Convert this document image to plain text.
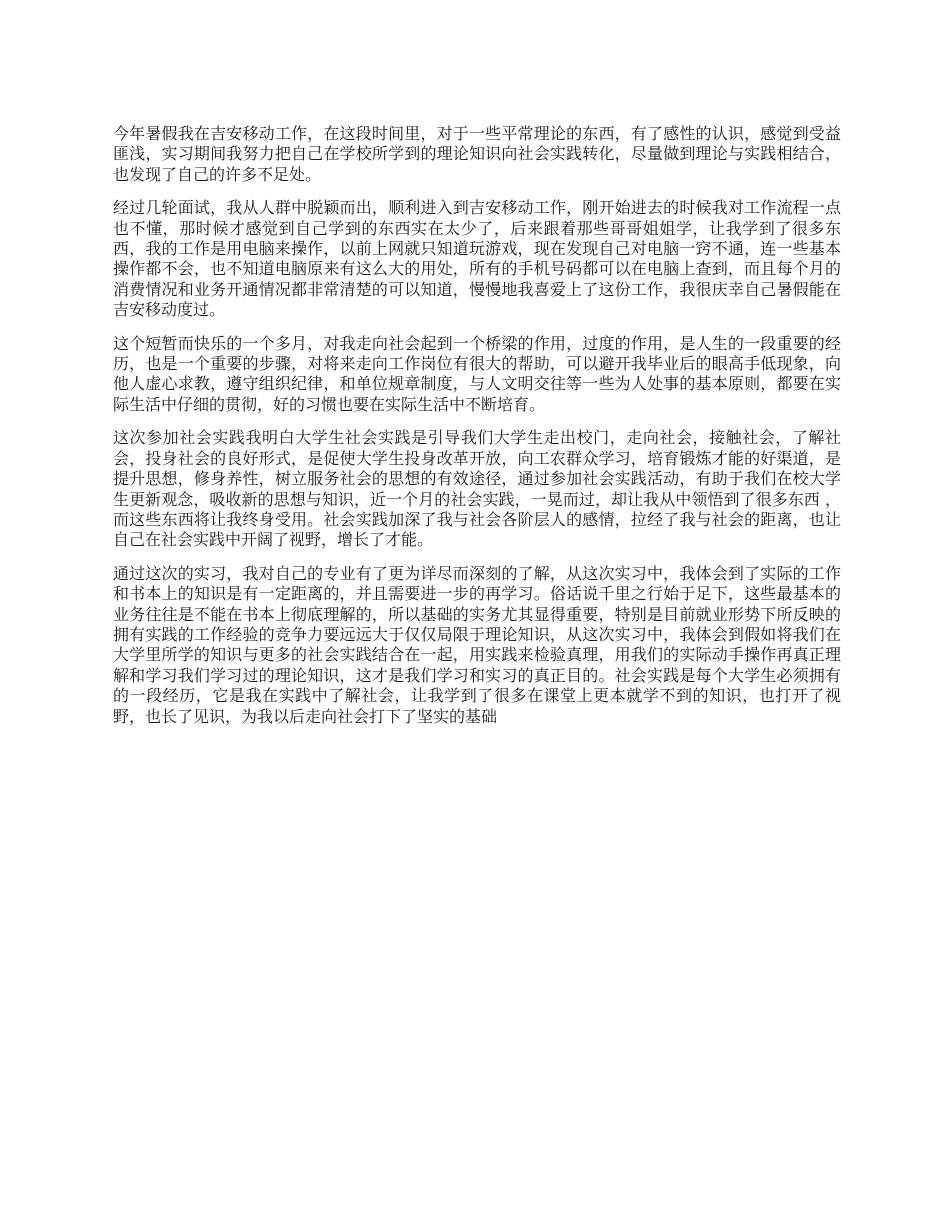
今年暑假我在吉安移动工作，在这段时间里，对于一些平常理论的东西，有了感性的认识，感觉到受益匪浅，实习期间我努力把自己在学校所学到的理论知识向社会实践转化，尽量做到理论与实践相结合，也发现了自己的许多不足处。

经过几轮面试，我从人群中脱颖而出，顺利进入到吉安移动工作，刚开始进去的时候我对工作流程一点也不懂，那时候才感觉到自己学到的东西实在太少了，后来跟着那些哥哥姐姐学，让我学到了很多东西，我的工作是用电脑来操作，以前上网就只知道玩游戏，现在发现自己对电脑一窍不通，连一些基本操作都不会，也不知道电脑原来有这么大的用处，所有的手机号码都可以在电脑上查到，而且每个月的消费情况和业务开通情况都非常清楚的可以知道，慢慢地我喜爱上了这份工作，我很庆幸自己暑假能在吉安移动度过。

这个短暂而快乐的一个多月，对我走向社会起到一个桥梁的作用，过度的作用，是人生的一段重要的经历，也是一个重要的步骤，对将来走向工作岗位有很大的帮助，可以避开我毕业后的眼高手低现象，向他人虚心求教，遵守组织纪律，和单位规章制度，与人文明交往等一些为人处事的基本原则，都要在实际生活中仔细的贯彻，好的习惯也要在实际生活中不断培育。

这次参加社会实践我明白大学生社会实践是引导我们大学生走出校门，走向社会，接触社会，了解社会，投身社会的良好形式，是促使大学生投身改革开放，向工农群众学习，培育锻炼才能的好渠道，是提升思想，修身养性，树立服务社会的思想的有效途径，通过参加社会实践活动，有助于我们在校大学生更新观念，吸收新的思想与知识，近一个月的社会实践，一晃而过，却让我从中领悟到了很多东西 ，而这些东西将让我终身受用。社会实践加深了我与社会各阶层人的感情，拉经了我与社会的距离，也让自己在社会实践中开阔了视野，增长了才能。

通过这次的实习，我对自己的专业有了更为详尽而深刻的了解，从这次实习中，我体会到了实际的工作和书本上的知识是有一定距离的，并且需要进一步的再学习。俗话说千里之行始于足下，这些最基本的业务往往是不能在书本上彻底理解的，所以基础的实务尤其显得重要，特别是目前就业形势下所反映的拥有实践的工作经验的竞争力要远远大于仅仅局限于理论知识，从这次实习中，我体会到假如将我们在大学里所学的知识与更多的社会实践结合在一起，用实践来检验真理，用我们的实际动手操作再真正理解和学习我们学习过的理论知识，这才是我们学习和实习的真正目的。社会实践是每个大学生必须拥有的一段经历，它是我在实践中了解社会，让我学到了很多在课堂上更本就学不到的知识，也打开了视野，也长了见识，为我以后走向社会打下了坚实的基础
